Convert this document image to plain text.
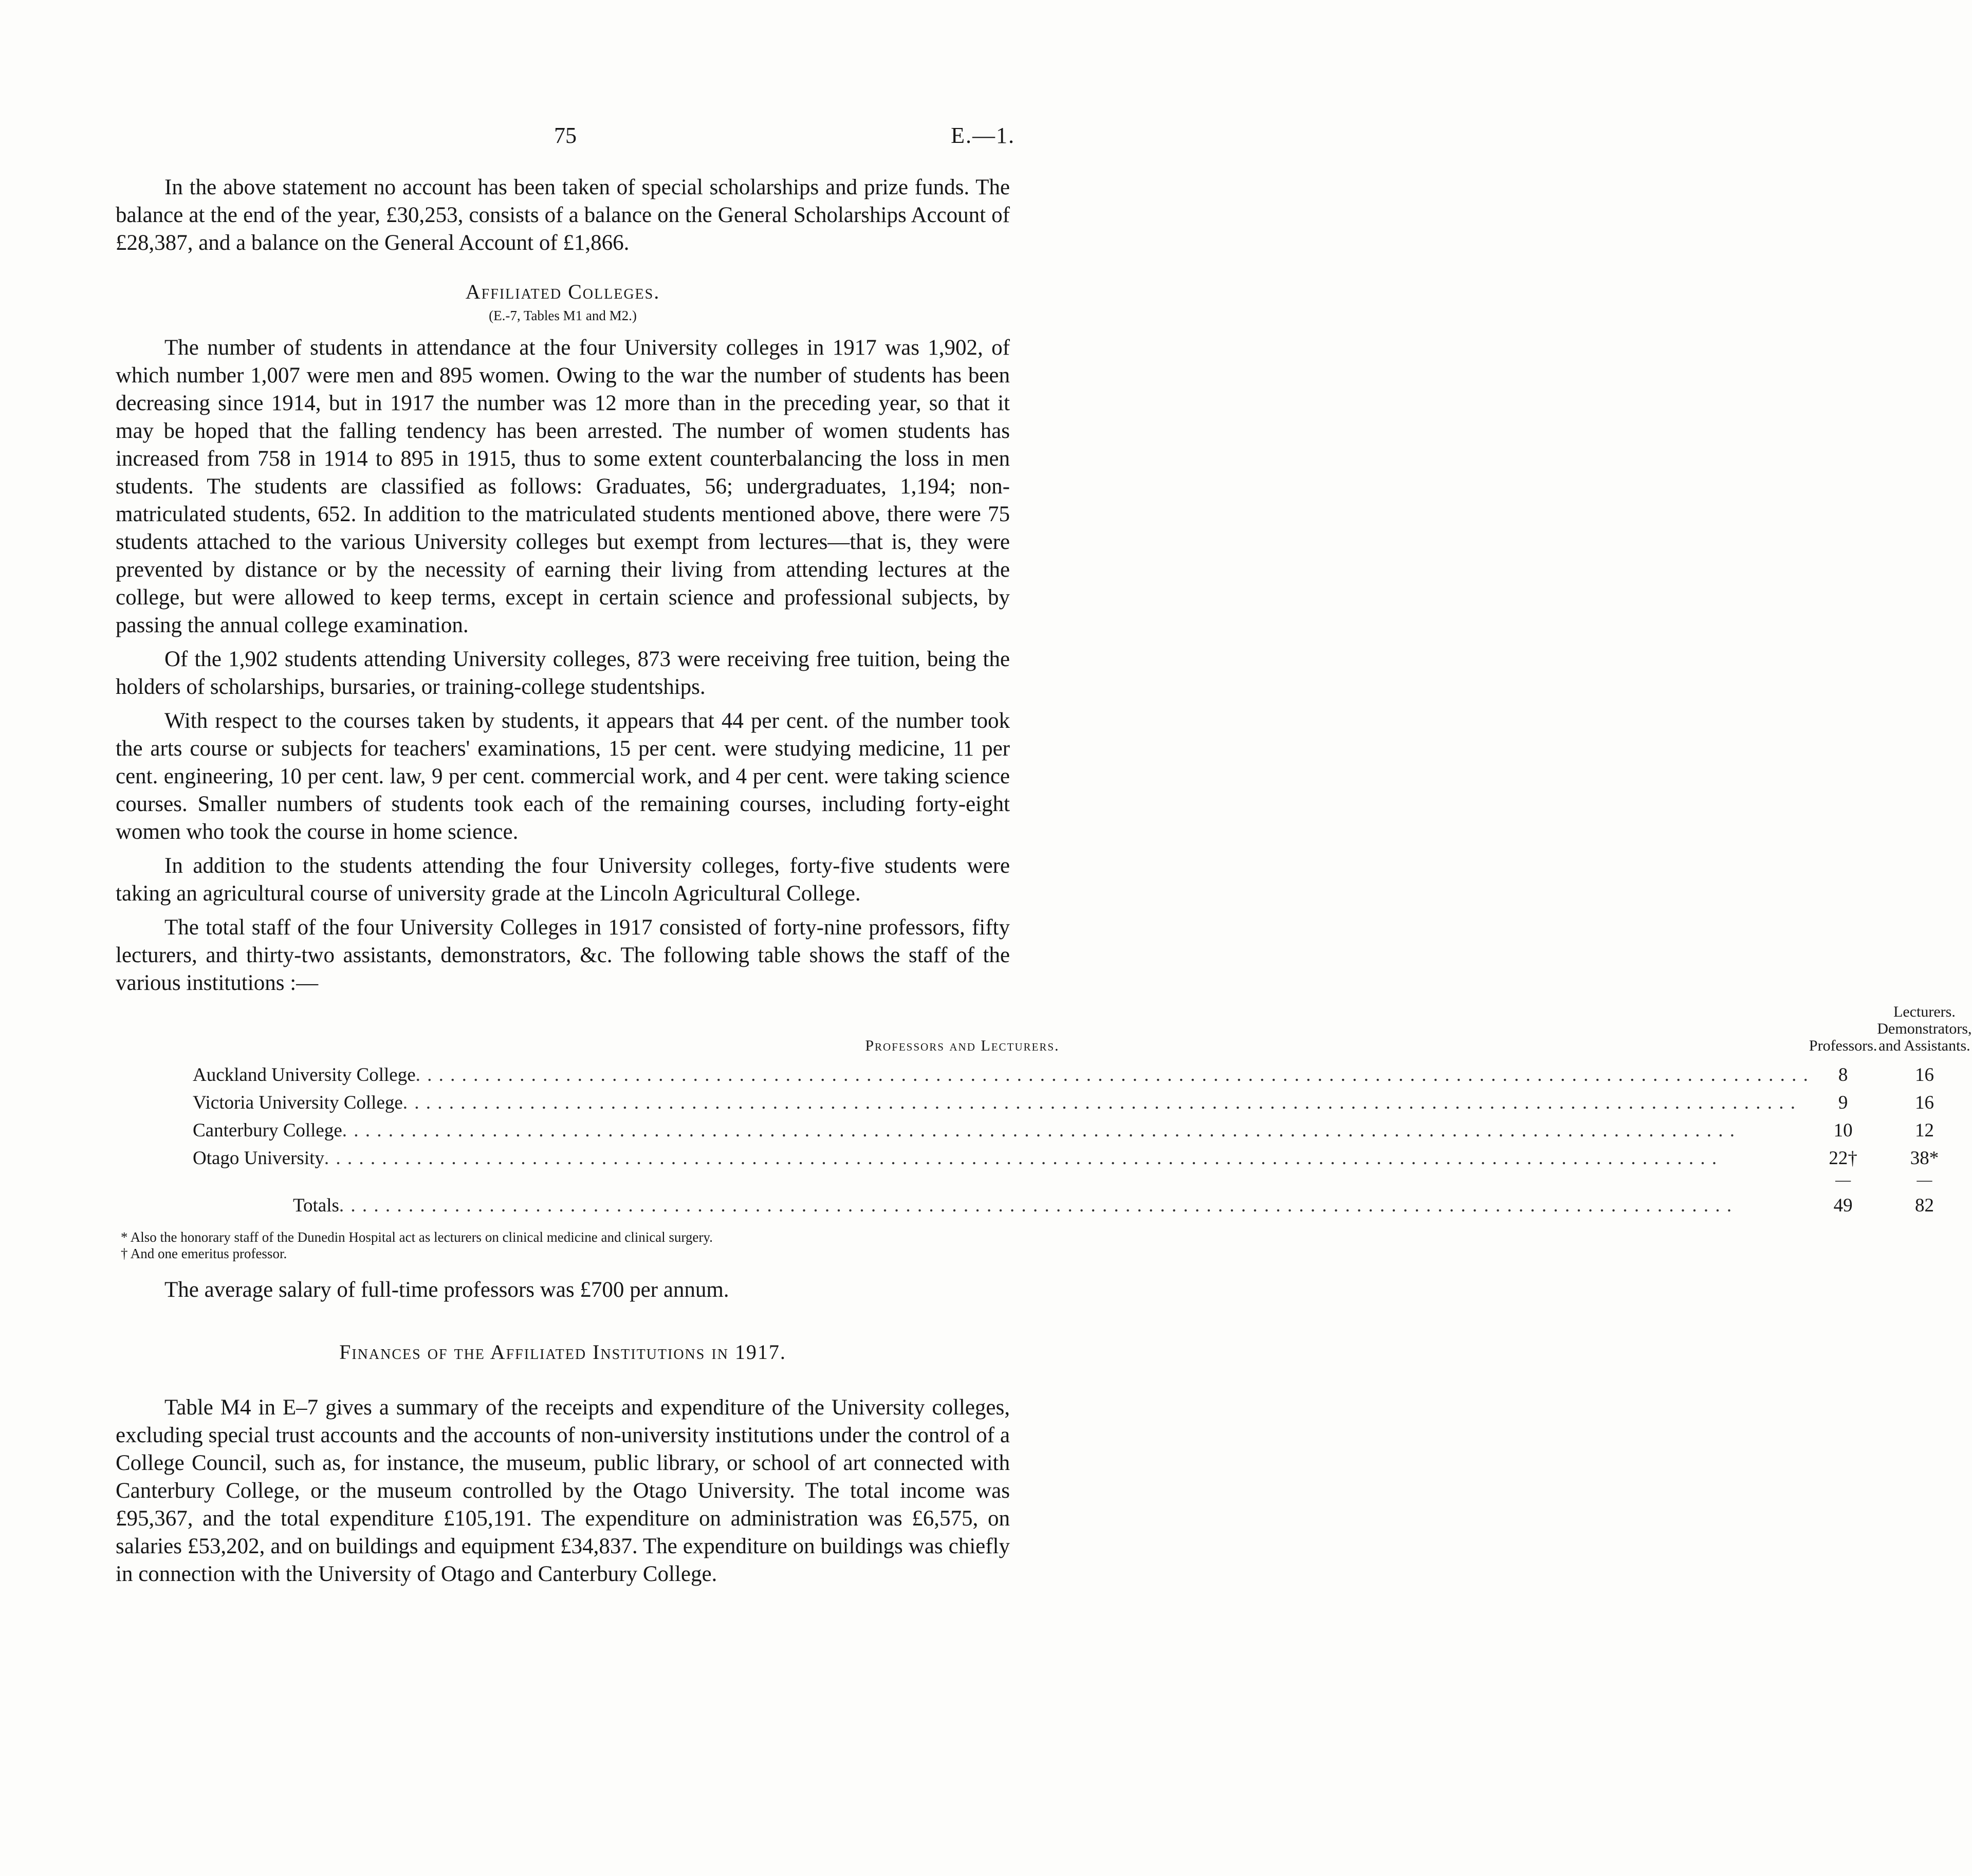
75	E.—1.

In the above statement no account has been taken of special scholarships and prize funds. The balance at the end of the year, £30,253, consists of a balance on the General Scholarships Account of £28,387, and a balance on the General Account of £1,866.

Affiliated Colleges.
(E.-7, Tables M1 and M2.)

The number of students in attendance at the four University colleges in 1917 was 1,902, of which number 1,007 were men and 895 women. Owing to the war the number of students has been decreasing since 1914, but in 1917 the number was 12 more than in the preceding year, so that it may be hoped that the falling tendency has been arrested. The number of women students has increased from 758 in 1914 to 895 in 1915, thus to some extent counterbalancing the loss in men students. The students are classified as follows: Graduates, 56; undergraduates, 1,194; non-matriculated students, 652. In addition to the matriculated students mentioned above, there were 75 students attached to the various University colleges but exempt from lectures—that is, they were prevented by distance or by the necessity of earning their living from attending lectures at the college, but were allowed to keep terms, except in certain science and professional subjects, by passing the annual college examination.

Of the 1,902 students attending University colleges, 873 were receiving free tuition, being the holders of scholarships, bursaries, or training-college studentships.

With respect to the courses taken by students, it appears that 44 per cent. of the number took the arts course or subjects for teachers' examinations, 15 per cent. were studying medicine, 11 per cent. engineering, 10 per cent. law, 9 per cent. commercial work, and 4 per cent. were taking science courses. Smaller numbers of students took each of the remaining courses, including forty-eight women who took the course in home science.

In addition to the students attending the four University colleges, forty-five students were taking an agricultural course of university grade at the Lincoln Agricultural College.

The total staff of the four University Colleges in 1917 consisted of forty-nine professors, fifty lecturers, and thirty-two assistants, demonstrators, &c. The following table shows the staff of the various institutions :—

Professors and Lecturers.	Professors.	Lecturers. Demonstrators, and Assistants.
Auckland University College. . . . . . . . . . . . . . . . . . . . . . . . . . . . . . . . . . . . . . . . . . . . . . . . . . . . . . . . . . . . . . . . . . . . . . . . . . . . . . . . . . . . . . . . . . . . . . . . . . . . . . . . . . . . . . . . . . . . . . . . .	8	16
Victoria University College. . . . . . . . . . . . . . . . . . . . . . . . . . . . . . . . . . . . . . . . . . . . . . . . . . . . . . . . . . . . . . . . . . . . . . . . . . . . . . . . . . . . . . . . . . . . . . . . . . . . . . . . . . . . . . . . . . . . . . . . .	9	16
Canterbury College. . . . . . . . . . . . . . . . . . . . . . . . . . . . . . . . . . . . . . . . . . . . . . . . . . . . . . . . . . . . . . . . . . . . . . . . . . . . . . . . . . . . . . . . . . . . . . . . . . . . . . . . . . . . . . . . . . . . . . . . .	10	12
Otago University. . . . . . . . . . . . . . . . . . . . . . . . . . . . . . . . . . . . . . . . . . . . . . . . . . . . . . . . . . . . . . . . . . . . . . . . . . . . . . . . . . . . . . . . . . . . . . . . . . . . . . . . . . . . . . . . . . . . . . . . .	22†	38*
	—	—
Totals. . . . . . . . . . . . . . . . . . . . . . . . . . . . . . . . . . . . . . . . . . . . . . . . . . . . . . . . . . . . . . . . . . . . . . . . . . . . . . . . . . . . . . . . . . . . . . . . . . . . . . . . . . . . . . . . . . . . . . . . .	49	82
* Also the honorary staff of the Dunedin Hospital act as lecturers on clinical medicine and clinical surgery.
† And one emeritus professor.

The average salary of full-time professors was £700 per annum.

Finances of the Affiliated Institutions in 1917.

Table M4 in E–7 gives a summary of the receipts and expenditure of the University colleges, excluding special trust accounts and the accounts of non-university institutions under the control of a College Council, such as, for instance, the museum, public library, or school of art connected with Canterbury College, or the museum controlled by the Otago University. The total income was £95,367, and the total expenditure £105,191. The expenditure on administration was £6,575, on salaries £53,202, and on buildings and equipment £34,837. The expenditure on buildings was chiefly in connection with the University of Otago and Canterbury College.
